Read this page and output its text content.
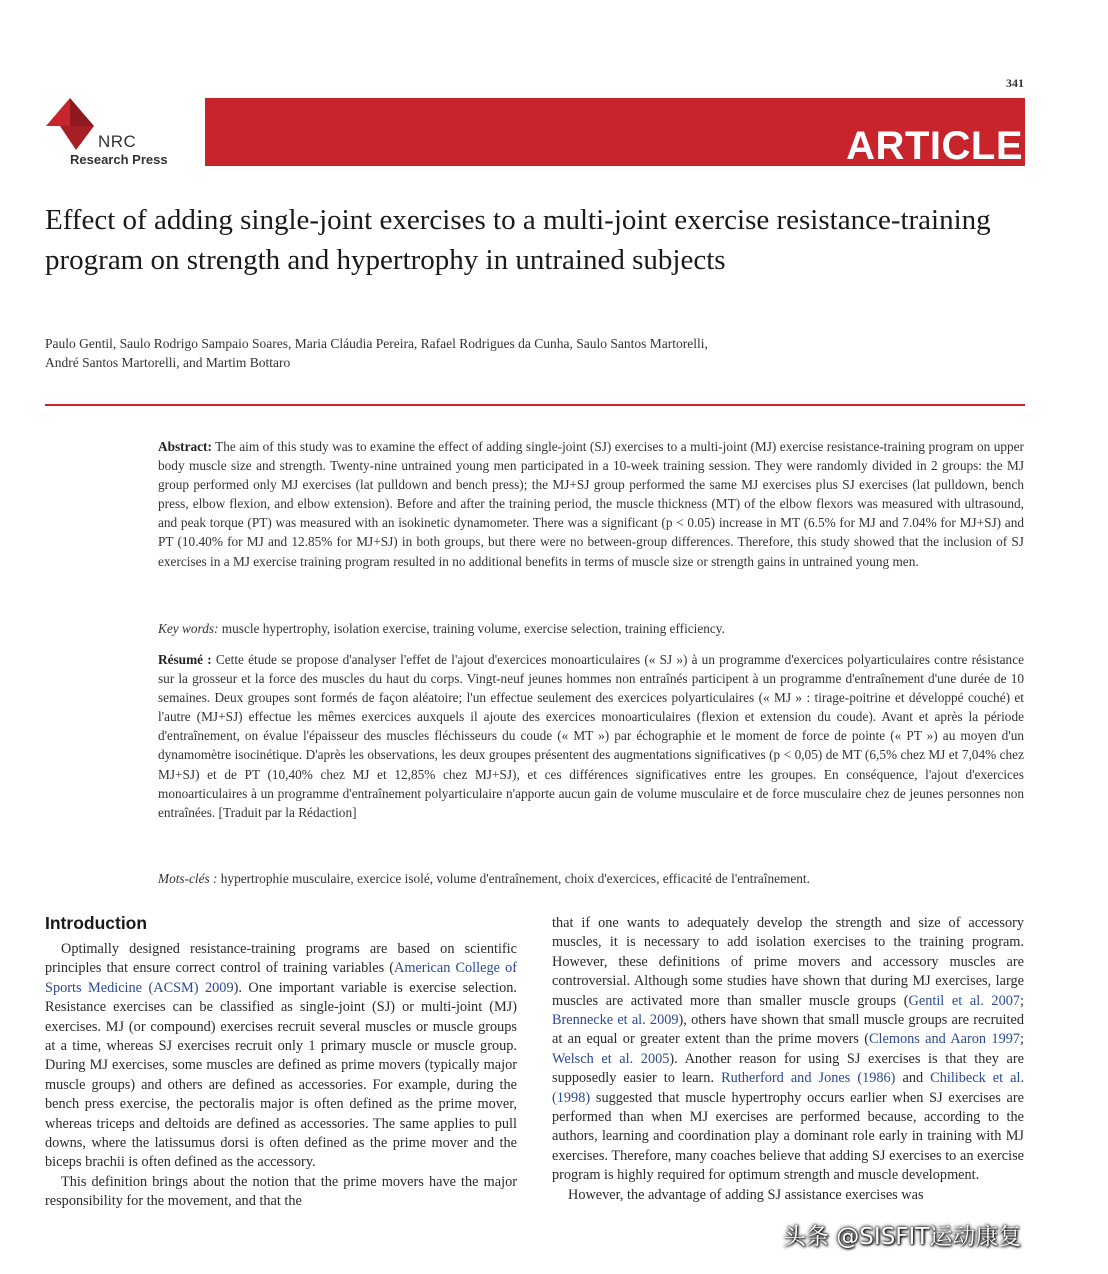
341
NRC
Research Press	ARTICLE
Effect of adding single-joint exercises to a multi-joint exercise resistance-training program on strength and hypertrophy in untrained subjects
Paulo Gentil, Saulo Rodrigo Sampaio Soares, Maria Cláudia Pereira, Rafael Rodrigues da Cunha, Saulo Santos Martorelli,
André Santos Martorelli, and Martim Bottaro
Abstract: The aim of this study was to examine the effect of adding single-joint (SJ) exercises to a multi-joint (MJ) exercise resistance-training program on upper body muscle size and strength. Twenty-nine untrained young men participated in a 10-week training session. They were randomly divided in 2 groups: the MJ group performed only MJ exercises (lat pulldown and bench press); the MJ+SJ group performed the same MJ exercises plus SJ exercises (lat pulldown, bench press, elbow flexion, and elbow extension). Before and after the training period, the muscle thickness (MT) of the elbow flexors was measured with ultrasound, and peak torque (PT) was measured with an isokinetic dynamometer. There was a significant (p < 0.05) increase in MT (6.5% for MJ and 7.04% for MJ+SJ) and PT (10.40% for MJ and 12.85% for MJ+SJ) in both groups, but there were no between-group differences. Therefore, this study showed that the inclusion of SJ exercises in a MJ exercise training program resulted in no additional benefits in terms of muscle size or strength gains in untrained young men.
Key words: muscle hypertrophy, isolation exercise, training volume, exercise selection, training efficiency.
Résumé : Cette étude se propose d'analyser l'effet de l'ajout d'exercices monoarticulaires (« SJ ») à un programme d'exercices polyarticulaires contre résistance sur la grosseur et la force des muscles du haut du corps. Vingt-neuf jeunes hommes non entraînés participent à un programme d'entraînement d'une durée de 10 semaines. Deux groupes sont formés de façon aléatoire; l'un effectue seulement des exercices polyarticulaires (« MJ » : tirage-poitrine et développé couché) et l'autre (MJ+SJ) effectue les mêmes exercices auxquels il ajoute des exercices monoarticulaires (flexion et extension du coude). Avant et après la période d'entraînement, on évalue l'épaisseur des muscles fléchisseurs du coude (« MT ») par échographie et le moment de force de pointe (« PT ») au moyen d'un dynamomètre isocinétique. D'après les observations, les deux groupes présentent des augmentations significatives (p < 0,05) de MT (6,5% chez MJ et 7,04% chez MJ+SJ) et de PT (10,40% chez MJ et 12,85% chez MJ+SJ), et ces différences significatives entre les groupes. En conséquence, l'ajout d'exercices monoarticulaires à un programme d'entraînement polyarticulaire n'apporte aucun gain de volume musculaire et de force musculaire chez de jeunes personnes non entraînées. [Traduit par la Rédaction]
Mots-clés : hypertrophie musculaire, exercice isolé, volume d'entraînement, choix d'exercices, efficacité de l'entraînement.
Introduction

Optimally designed resistance-training programs are based on scientific principles that ensure correct control of training variables (American College of Sports Medicine (ACSM) 2009). One important variable is exercise selection. Resistance exercises can be classified as single-joint (SJ) or multi-joint (MJ) exercises. MJ (or compound) exercises recruit several muscles or muscle groups at a time, whereas SJ exercises recruit only 1 primary muscle or muscle group. During MJ exercises, some muscles are defined as prime movers (typically major muscle groups) and others are defined as accessories. For example, during the bench press exercise, the pectoralis major is often defined as the prime mover, whereas triceps and deltoids are defined as accessories. The same applies to pull downs, where the latissumus dorsi is often defined as the prime mover and the biceps brachii is often defined as the accessory.

This definition brings about the notion that the prime movers have the major responsibility for the movement, and that the

that if one wants to adequately develop the strength and size of accessory muscles, it is necessary to add isolation exercises to the training program. However, these definitions of prime movers and accessory muscles are controversial. Although some studies have shown that during MJ exercises, large muscles are activated more than smaller muscle groups (Gentil et al. 2007; Brennecke et al. 2009), others have shown that small muscle groups are recruited at an equal or greater extent than the prime movers (Clemons and Aaron 1997; Welsch et al. 2005). Another reason for using SJ exercises is that they are supposedly easier to learn. Rutherford and Jones (1986) and Chilibeck et al. (1998) suggested that muscle hypertrophy occurs earlier when SJ exercises are performed than when MJ exercises are performed because, according to the authors, learning and coordination play a dominant role early in training with MJ exercises. Therefore, many coaches believe that adding SJ exercises to an exercise program is highly required for optimum strength and muscle development.

However, the advantage of adding SJ assistance exercises was

头条 @SISFIT运动康复
